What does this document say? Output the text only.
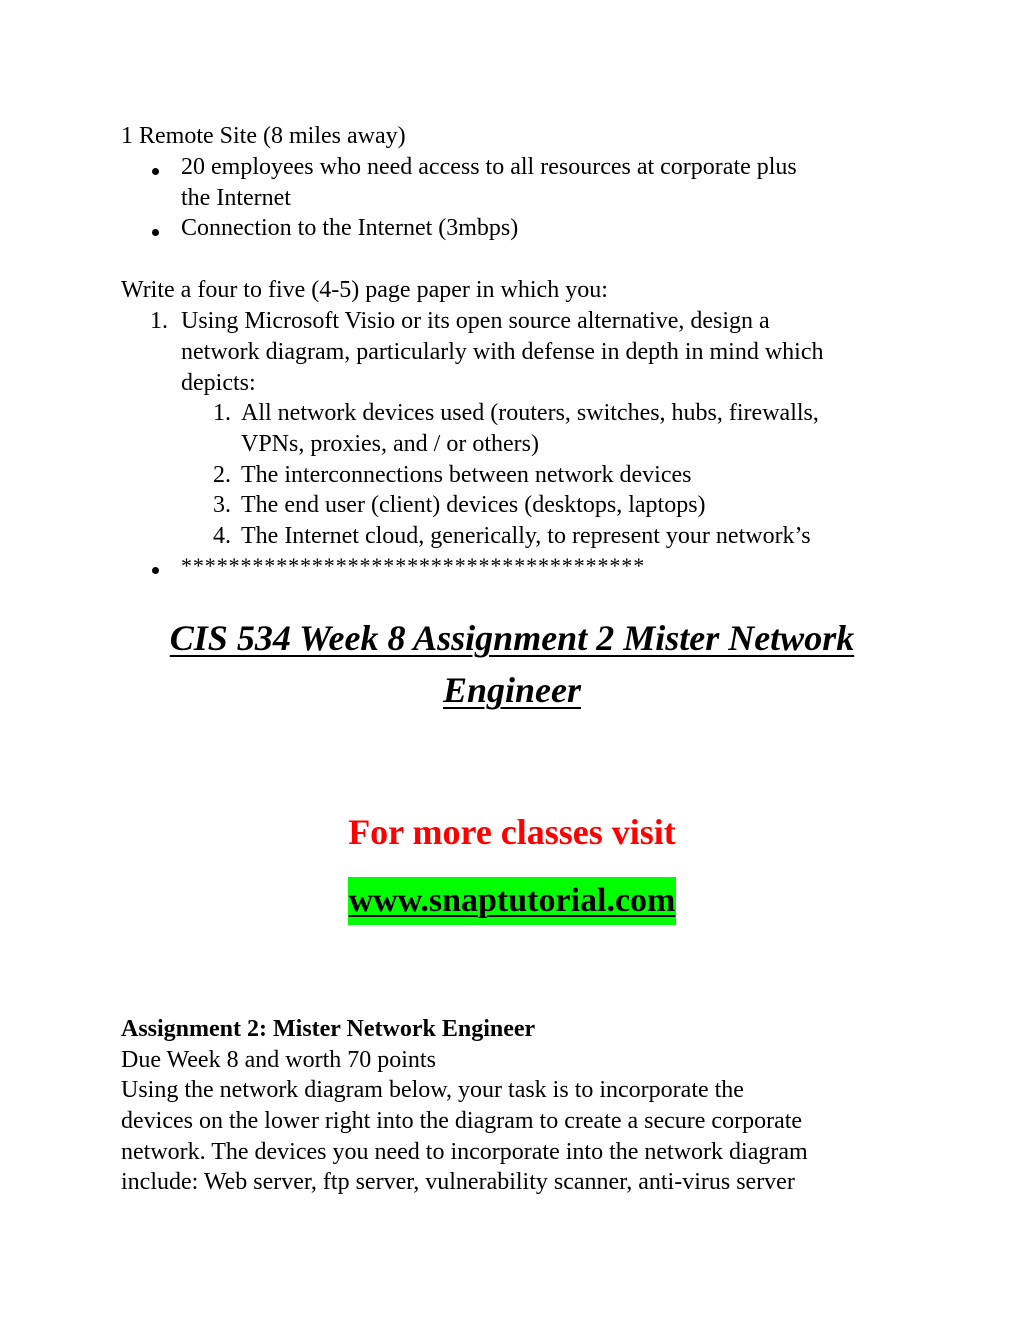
1 Remote Site (8 miles away)
20 employees who need access to all resources at corporate plus
the Internet
Connection to the Internet (3mbps)
Write a four to five (4-5) page paper in which you:
1. Using Microsoft Visio or its open source alternative, design a
network diagram, particularly with defense in depth in mind which
depicts:
1. All network devices used (routers, switches, hubs, firewalls,
VPNs, proxies, and / or others)
2. The interconnections between network devices
3. The end user (client) devices (desktops, laptops)
4. The Internet cloud, generically, to represent your network’s
***************************************
CIS 534 Week 8 Assignment 2 Mister Network
Engineer
For more classes visit
www.snaptutorial.com
Assignment 2: Mister Network Engineer
Due Week 8 and worth 70 points
Using the network diagram below, your task is to incorporate the
devices on the lower right into the diagram to create a secure corporate
network. The devices you need to incorporate into the network diagram
include: Web server, ftp server, vulnerability scanner, anti-virus server
